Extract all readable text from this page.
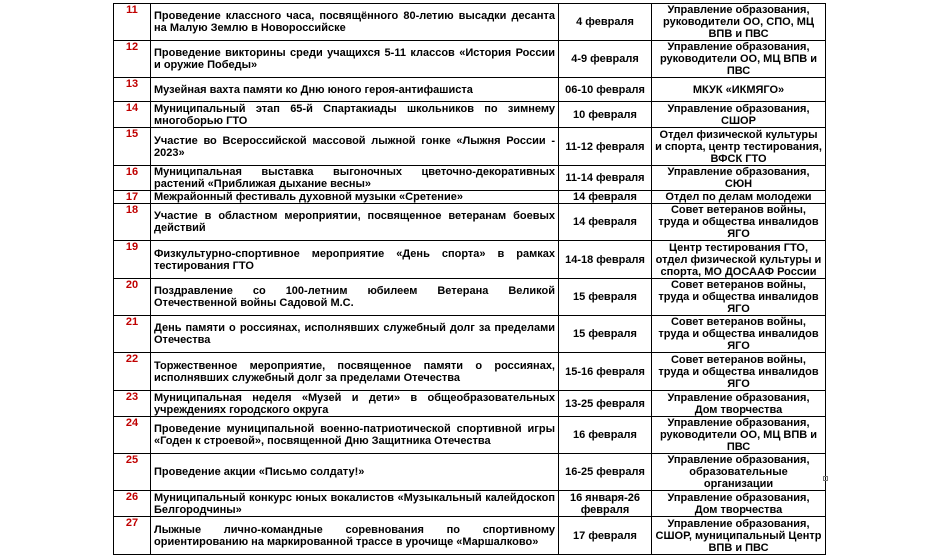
11	Проведение классного часа, посвящённого 80-летию высадки десанта на Малую Землю в Новороссийске	4 февраля	Управление образования, руководители ОО, СПО, МЦ ВПВ и ПВС
12	Проведение викторины среди учащихся 5-11 классов «История России и оружие Победы»	4-9 февраля	Управление образования, руководители ОО, МЦ ВПВ и ПВС
13	Музейная вахта памяти ко Дню юного героя-антифашиста	06-10 февраля	МКУК «ИКМЯГО»
14	Муниципальный этап 65-й Спартакиады школьников по зимнему многоборью ГТО	10 февраля	Управление образования, СШОР
15	Участие во Всероссийской массовой лыжной гонке «Лыжня России - 2023»	11-12 февраля	Отдел физической культуры и спорта, центр тестирования, ВФСК ГТО
16	Муниципальная выставка выгоночных цветочно-декоративных растений «Приближая дыхание весны»	11-14 февраля	Управление образования, СЮН
17	Межрайонный фестиваль духовной музыки «Сретение»	14 февраля	Отдел по делам молодежи
18	Участие в областном мероприятии, посвященное ветеранам боевых действий	14 февраля	Совет ветеранов войны, труда и общества инвалидов ЯГО
19	Физкультурно-спортивное мероприятие «День спорта» в рамках тестирования ГТО	14-18 февраля	Центр тестирования ГТО, отдел физической культуры и спорта, МО ДОСААФ России
20	Поздравление со 100-летним юбилеем Ветерана Великой Отечественной войны Садовой М.С.	15 февраля	Совет ветеранов войны, труда и общества инвалидов ЯГО
21	День памяти о россиянах, исполнявших служебный долг за пределами Отечества	15 февраля	Совет ветеранов войны, труда и общества инвалидов ЯГО
22	Торжественное мероприятие, посвященное памяти о россиянах, исполнявших служебный долг за пределами Отечества	15-16 февраля	Совет ветеранов войны, труда и общества инвалидов ЯГО
23	Муниципальная неделя «Музей и дети» в общеобразовательных учреждениях городского округа	13-25 февраля	Управление образования, Дом творчества
24	Проведение муниципальной военно-патриотической спортивной игры «Годен к строевой», посвященной Дню Защитника Отечества	16 февраля	Управление образования, руководители ОО, МЦ ВПВ и ПВС
25	Проведение акции «Письмо солдату!»	16-25 февраля	Управление образования, образовательные организации
26	Муниципальный конкурс юных вокалистов «Музыкальный калейдоскоп Белгородчины»	16 января-26 февраля	Управление образования, Дом творчества
27	Лыжные лично-командные соревнования по спортивному ориентированию на маркированной трассе в урочище «Маршалково»	17 февраля	Управление образования, СШОР, муниципальный Центр ВПВ и ПВС
